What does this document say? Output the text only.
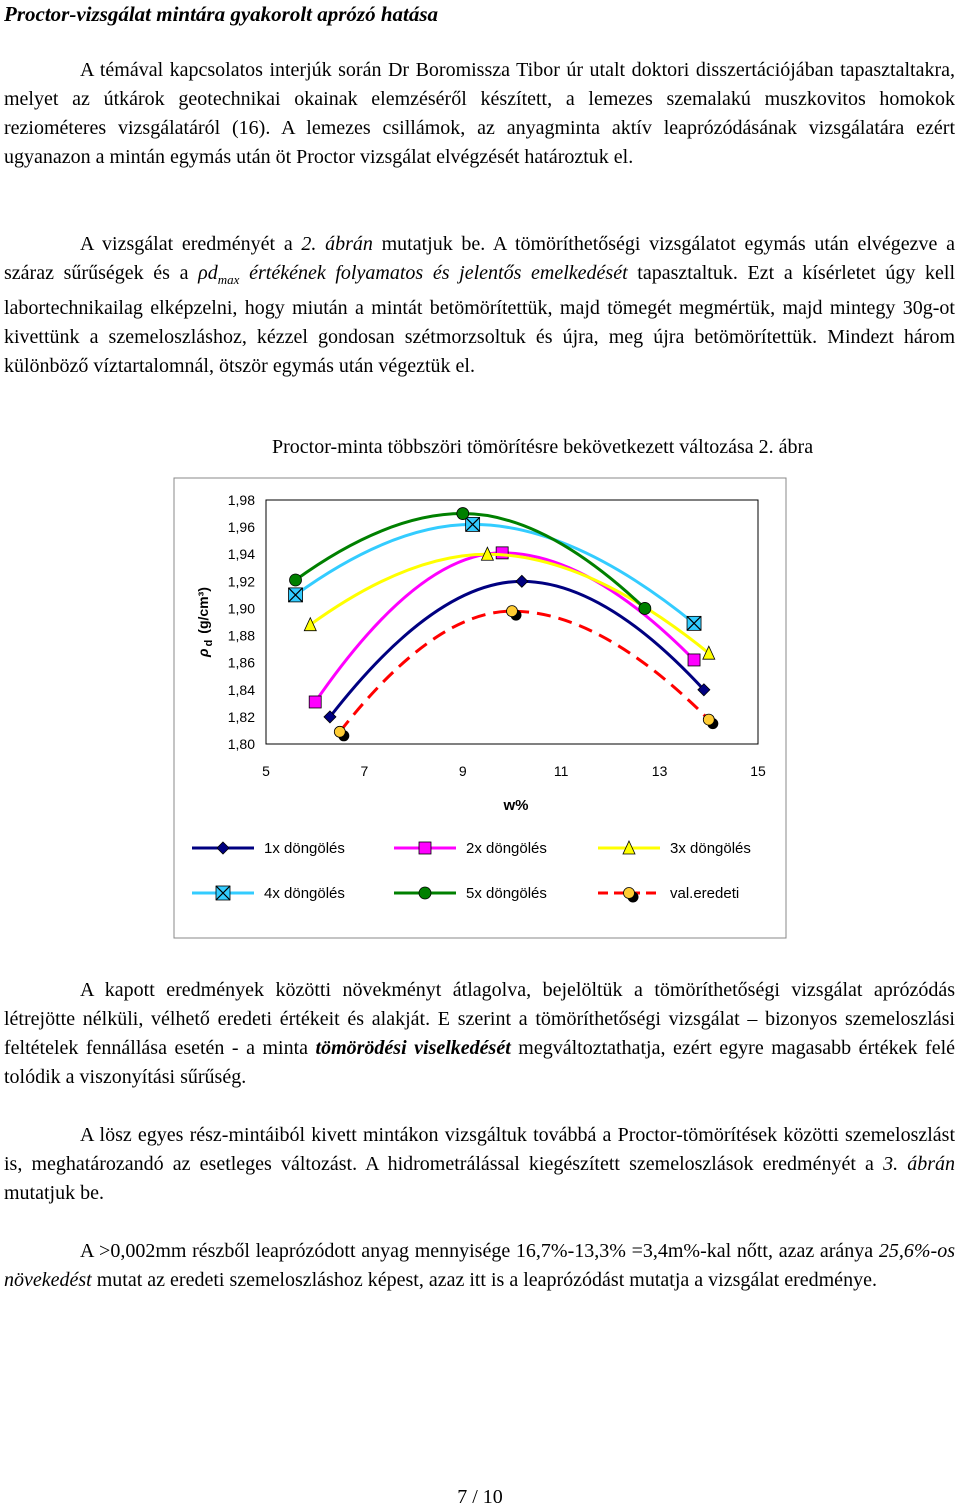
Proctor-vizsgálat mintára gyakorolt aprózó hatása

A témával kapcsolatos interjúk során Dr Boromissza Tibor úr utalt doktori disszertációjában tapasztaltakra, melyet az útkárok geotechnikai okainak elemzéséről készített, a lemezes szemalakú muszkovitos homokok reziométeres vizsgálatáról (16). A lemezes csillámok, az anyagminta aktív leaprózódásának vizsgálatára ezért ugyanazon a mintán egymás után öt Proctor vizsgálat elvégzését határoztuk el.

A vizsgálat eredményét a 2. ábrán mutatjuk be. A tömöríthetőségi vizsgálatot egymás után elvégezve a száraz sűrűségek és a $\rho d_{max}$ értékének folyamatos és jelentős emelkedését tapasztaltuk. Ezt a kísérletet úgy kell labortechnikailag elképzelni, hogy miután a mintát betömörítettük, majd tömegét megmértük, majd mintegy 30g-ot kivettünk a szemeloszláshoz, kézzel gondosan szétmorzsoltuk és újra, meg újra betömörítettük. Mindezt három különböző víztartalomnál, ötször egymás után végeztük el.

Proctor-minta többszöri tömörítésre bekövetkezett változása 2. ábra

1,98
1,96
1,94
1,92
1,90
1,88
1,86
1,84
1,82
1,80
5	7	9	11	13	15
$\rho_d(g/cm^3)$
w%
1x döngölés	2x döngölés	3x döngölés
4x döngölés	5x döngölés	val.eredeti

A kapott eredmények közötti növekményt átlagolva, bejelöltük a tömöríthetőségi vizsgálat aprózódás létrejötte nélküli, vélhető eredeti értékeit és alakját. E szerint a tömöríthetőségi vizsgálat – bizonyos szemeloszlási feltételek fennállása esetén - a minta tömörödési viselkedését megváltoztathatja, ezért egyre magasabb értékek felé tolódik a viszonyítási sűrűség.

A lösz egyes rész-mintáiból kivett mintákon vizsgáltuk továbbá a Proctor-tömörítések közötti szemeloszlást is, meghatározandó az esetleges változást. A hidrometrálással kiegészített szemeloszlások eredményét a 3. ábrán mutatjuk be.

A >0,002mm részből leaprózódott anyag mennyisége 16,7%-13,3% =3,4m%-kal nőtt, azaz aránya 25,6%-os növekedést mutat az eredeti szemeloszláshoz képest, azaz itt is a leaprózódást mutatja a vizsgálat eredménye.

7 / 10
